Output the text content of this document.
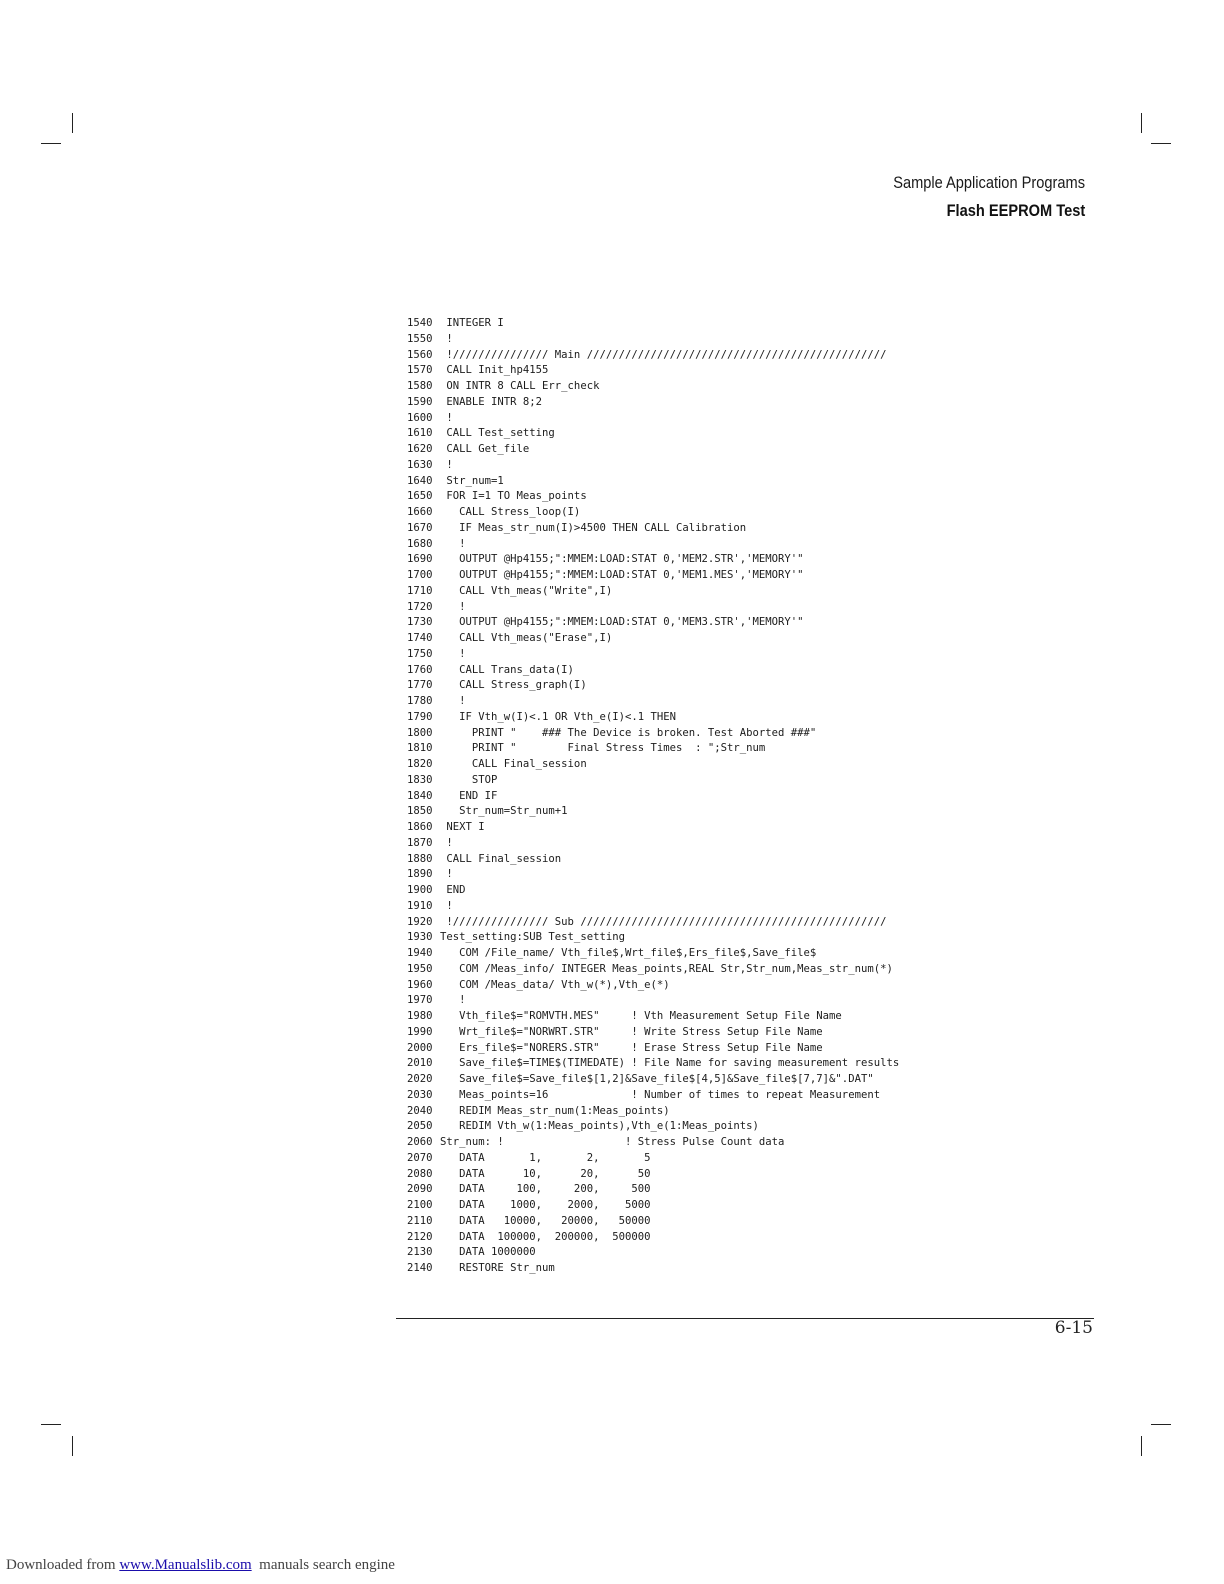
Sample Application Programs
Flash EEPROM Test
1540 INTEGER I
1550 !
1560 !/////////////// Main ///////////////////////////////////////////////
1570 CALL Init_hp4155
1580 ON INTR 8 CALL Err_check
1590 ENABLE INTR 8;2
1600 !
1610 CALL Test_setting
1620 CALL Get_file
1630 !
1640 Str_num=1
1650 FOR I=1 TO Meas_points
1660   CALL Stress_loop(I)
1670   IF Meas_str_num(I)>4500 THEN CALL Calibration
1680   !
1690   OUTPUT @Hp4155;":MMEM:LOAD:STAT 0,'MEM2.STR','MEMORY'"
1700   OUTPUT @Hp4155;":MMEM:LOAD:STAT 0,'MEM1.MES','MEMORY'"
1710   CALL Vth_meas("Write",I)
1720   !
1730   OUTPUT @Hp4155;":MMEM:LOAD:STAT 0,'MEM3.STR','MEMORY'"
1740   CALL Vth_meas("Erase",I)
1750   !
1760   CALL Trans_data(I)
1770   CALL Stress_graph(I)
1780   !
1790   IF Vth_w(I)<.1 OR Vth_e(I)<.1 THEN
1800     PRINT "    ### The Device is broken. Test Aborted ###"
1810     PRINT "        Final Stress Times  : ";Str_num
1820     CALL Final_session
1830     STOP
1840   END IF
1850   Str_num=Str_num+1
1860 NEXT I
1870 !
1880 CALL Final_session
1890 !
1900 END
1910 !
1920 !/////////////// Sub ////////////////////////////////////////////////
1930 Test_setting:SUB Test_setting
1940   COM /File_name/ Vth_file$,Wrt_file$,Ers_file$,Save_file$
1950   COM /Meas_info/ INTEGER Meas_points,REAL Str,Str_num,Meas_str_num(*)
1960   COM /Meas_data/ Vth_w(*),Vth_e(*)
1970   !
1980   Vth_file$="ROMVTH.MES"     ! Vth Measurement Setup File Name
1990   Wrt_file$="NORWRT.STR"     ! Write Stress Setup File Name
2000   Ers_file$="NORERS.STR"     ! Erase Stress Setup File Name
2010   Save_file$=TIME$(TIMEDATE) ! File Name for saving measurement results
2020   Save_file$=Save_file$[1,2]&Save_file$[4,5]&Save_file$[7,7]&".DAT"
2030   Meas_points=16             ! Number of times to repeat Measurement
2040   REDIM Meas_str_num(1:Meas_points)
2050   REDIM Vth_w(1:Meas_points),Vth_e(1:Meas_points)
2060 Str_num: !                   ! Stress Pulse Count data
2070   DATA       1,       2,       5
2080   DATA      10,      20,      50
2090   DATA     100,     200,     500
2100   DATA    1000,    2000,    5000
2110   DATA   10000,   20000,   50000
2120   DATA  100000,  200000,  500000
2130   DATA 1000000
2140   RESTORE Str_num
6-15
Downloaded from www.Manualslib.com  manuals search engine
